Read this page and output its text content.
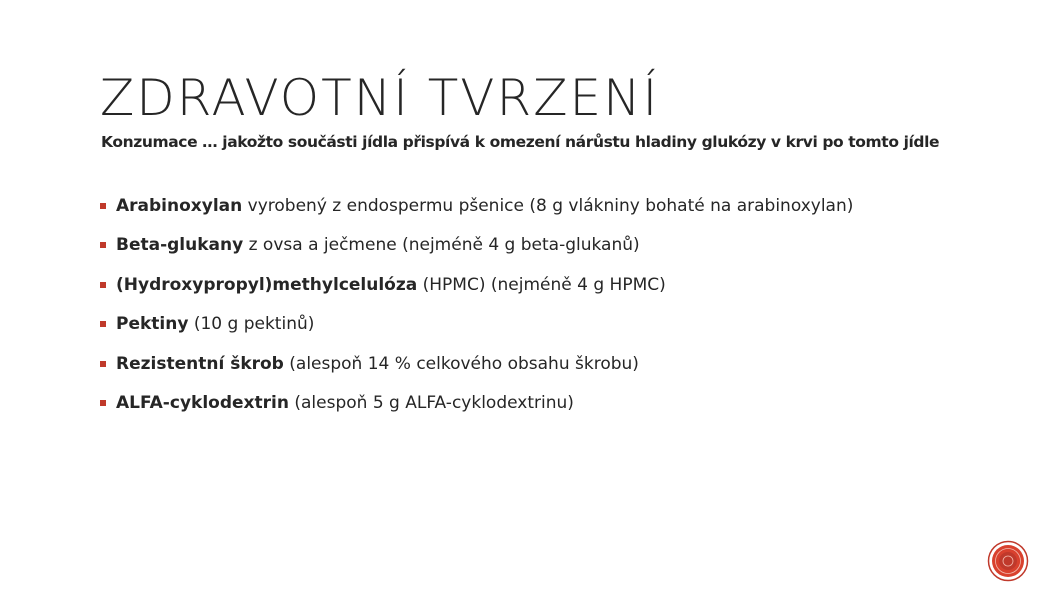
ZDRAVOTNÍ TVRZENÍ
Konzumace … jakožto součásti jídla přispívá k omezení nárůstu hladiny glukózy v krvi po tomto jídle
Arabinoxylan
vyrobený z endospermu pšenice (8 g vlákniny bohaté na arabinoxylan)
Beta-glukany
z ovsa a ječmene (nejméně 4 g beta-glukanů)
(Hydroxypropyl)methylcelulóza
(HPMC) (nejméně 4 g HPMC)
Pektiny
(10 g pektinů)
Rezistentní škrob
(alespoň 14 % celkového obsahu škrobu)
ALFA-cyklodextrin
(alespoň 5 g ALFA-cyklodextrinu)
